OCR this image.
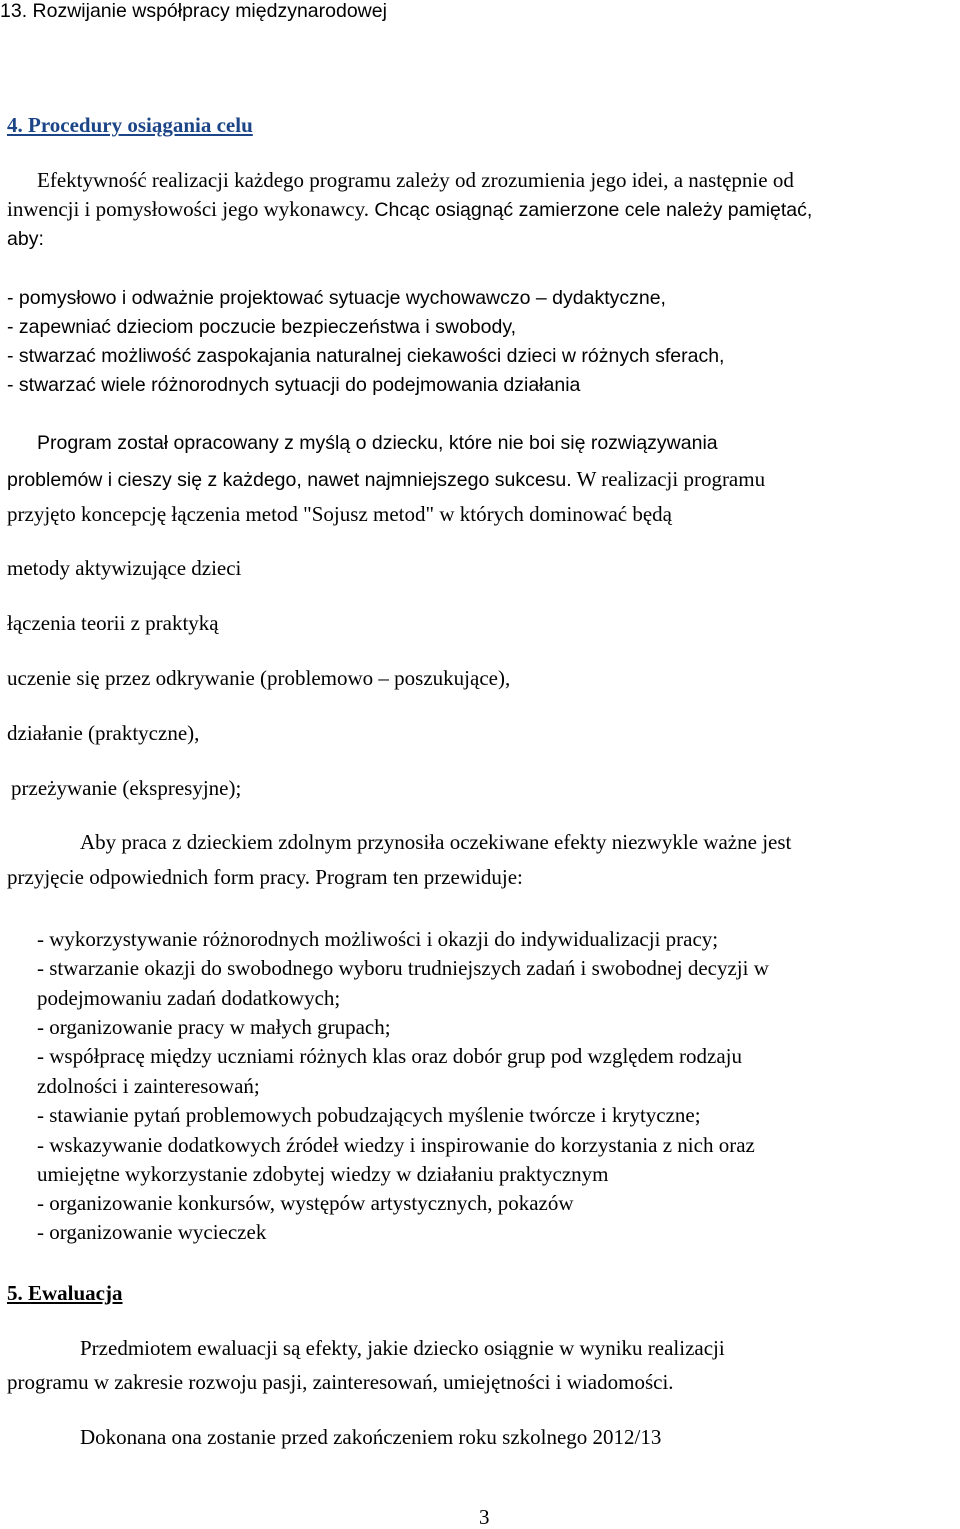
13. Rozwijanie współpracy międzynarodowej
4. Procedury osiągania celu
Efektywność realizacji każdego programu zależy od zrozumienia jego idei, a następnie od
inwencji i pomysłowości jego wykonawcy. Chcąc osiągnąć zamierzone cele należy pamiętać,
aby:
- pomysłowo i odważnie projektować sytuacje wychowawczo – dydaktyczne,
- zapewniać dzieciom poczucie bezpieczeństwa i swobody,
- stwarzać możliwość zaspokajania naturalnej ciekawości dzieci w różnych sferach,
- stwarzać wiele różnorodnych sytuacji do podejmowania działania
Program został opracowany z myślą o dziecku, które nie boi się rozwiązywania
problemów i cieszy się z każdego, nawet najmniejszego sukcesu. W realizacji programu
przyjęto koncepcję łączenia metod "Sojusz metod" w których dominować będą
metody aktywizujące dzieci
łączenia teorii z praktyką
uczenie się przez odkrywanie (problemowo – poszukujące),
działanie (praktyczne),
przeżywanie (ekspresyjne);
Aby praca z dzieckiem zdolnym przynosiła oczekiwane efekty niezwykle ważne jest
przyjęcie odpowiednich form pracy. Program ten przewiduje:
- wykorzystywanie różnorodnych możliwości i okazji do indywidualizacji pracy;
- stwarzanie okazji do swobodnego wyboru trudniejszych zadań i swobodnej decyzji w
podejmowaniu zadań dodatkowych;
- organizowanie pracy w małych grupach;
- współpracę między uczniami różnych klas oraz dobór grup pod względem rodzaju
zdolności i zainteresowań;
- stawianie pytań problemowych pobudzających myślenie twórcze i krytyczne;
- wskazywanie dodatkowych źródeł wiedzy i inspirowanie do korzystania z nich oraz
umiejętne wykorzystanie zdobytej wiedzy w działaniu praktycznym
- organizowanie konkursów, występów artystycznych, pokazów
- organizowanie wycieczek
5. Ewaluacja
Przedmiotem ewaluacji są efekty, jakie dziecko osiągnie w wyniku realizacji
programu w zakresie rozwoju pasji, zainteresowań, umiejętności i wiadomości.
Dokonana ona zostanie przed zakończeniem roku szkolnego 2012/13
3
